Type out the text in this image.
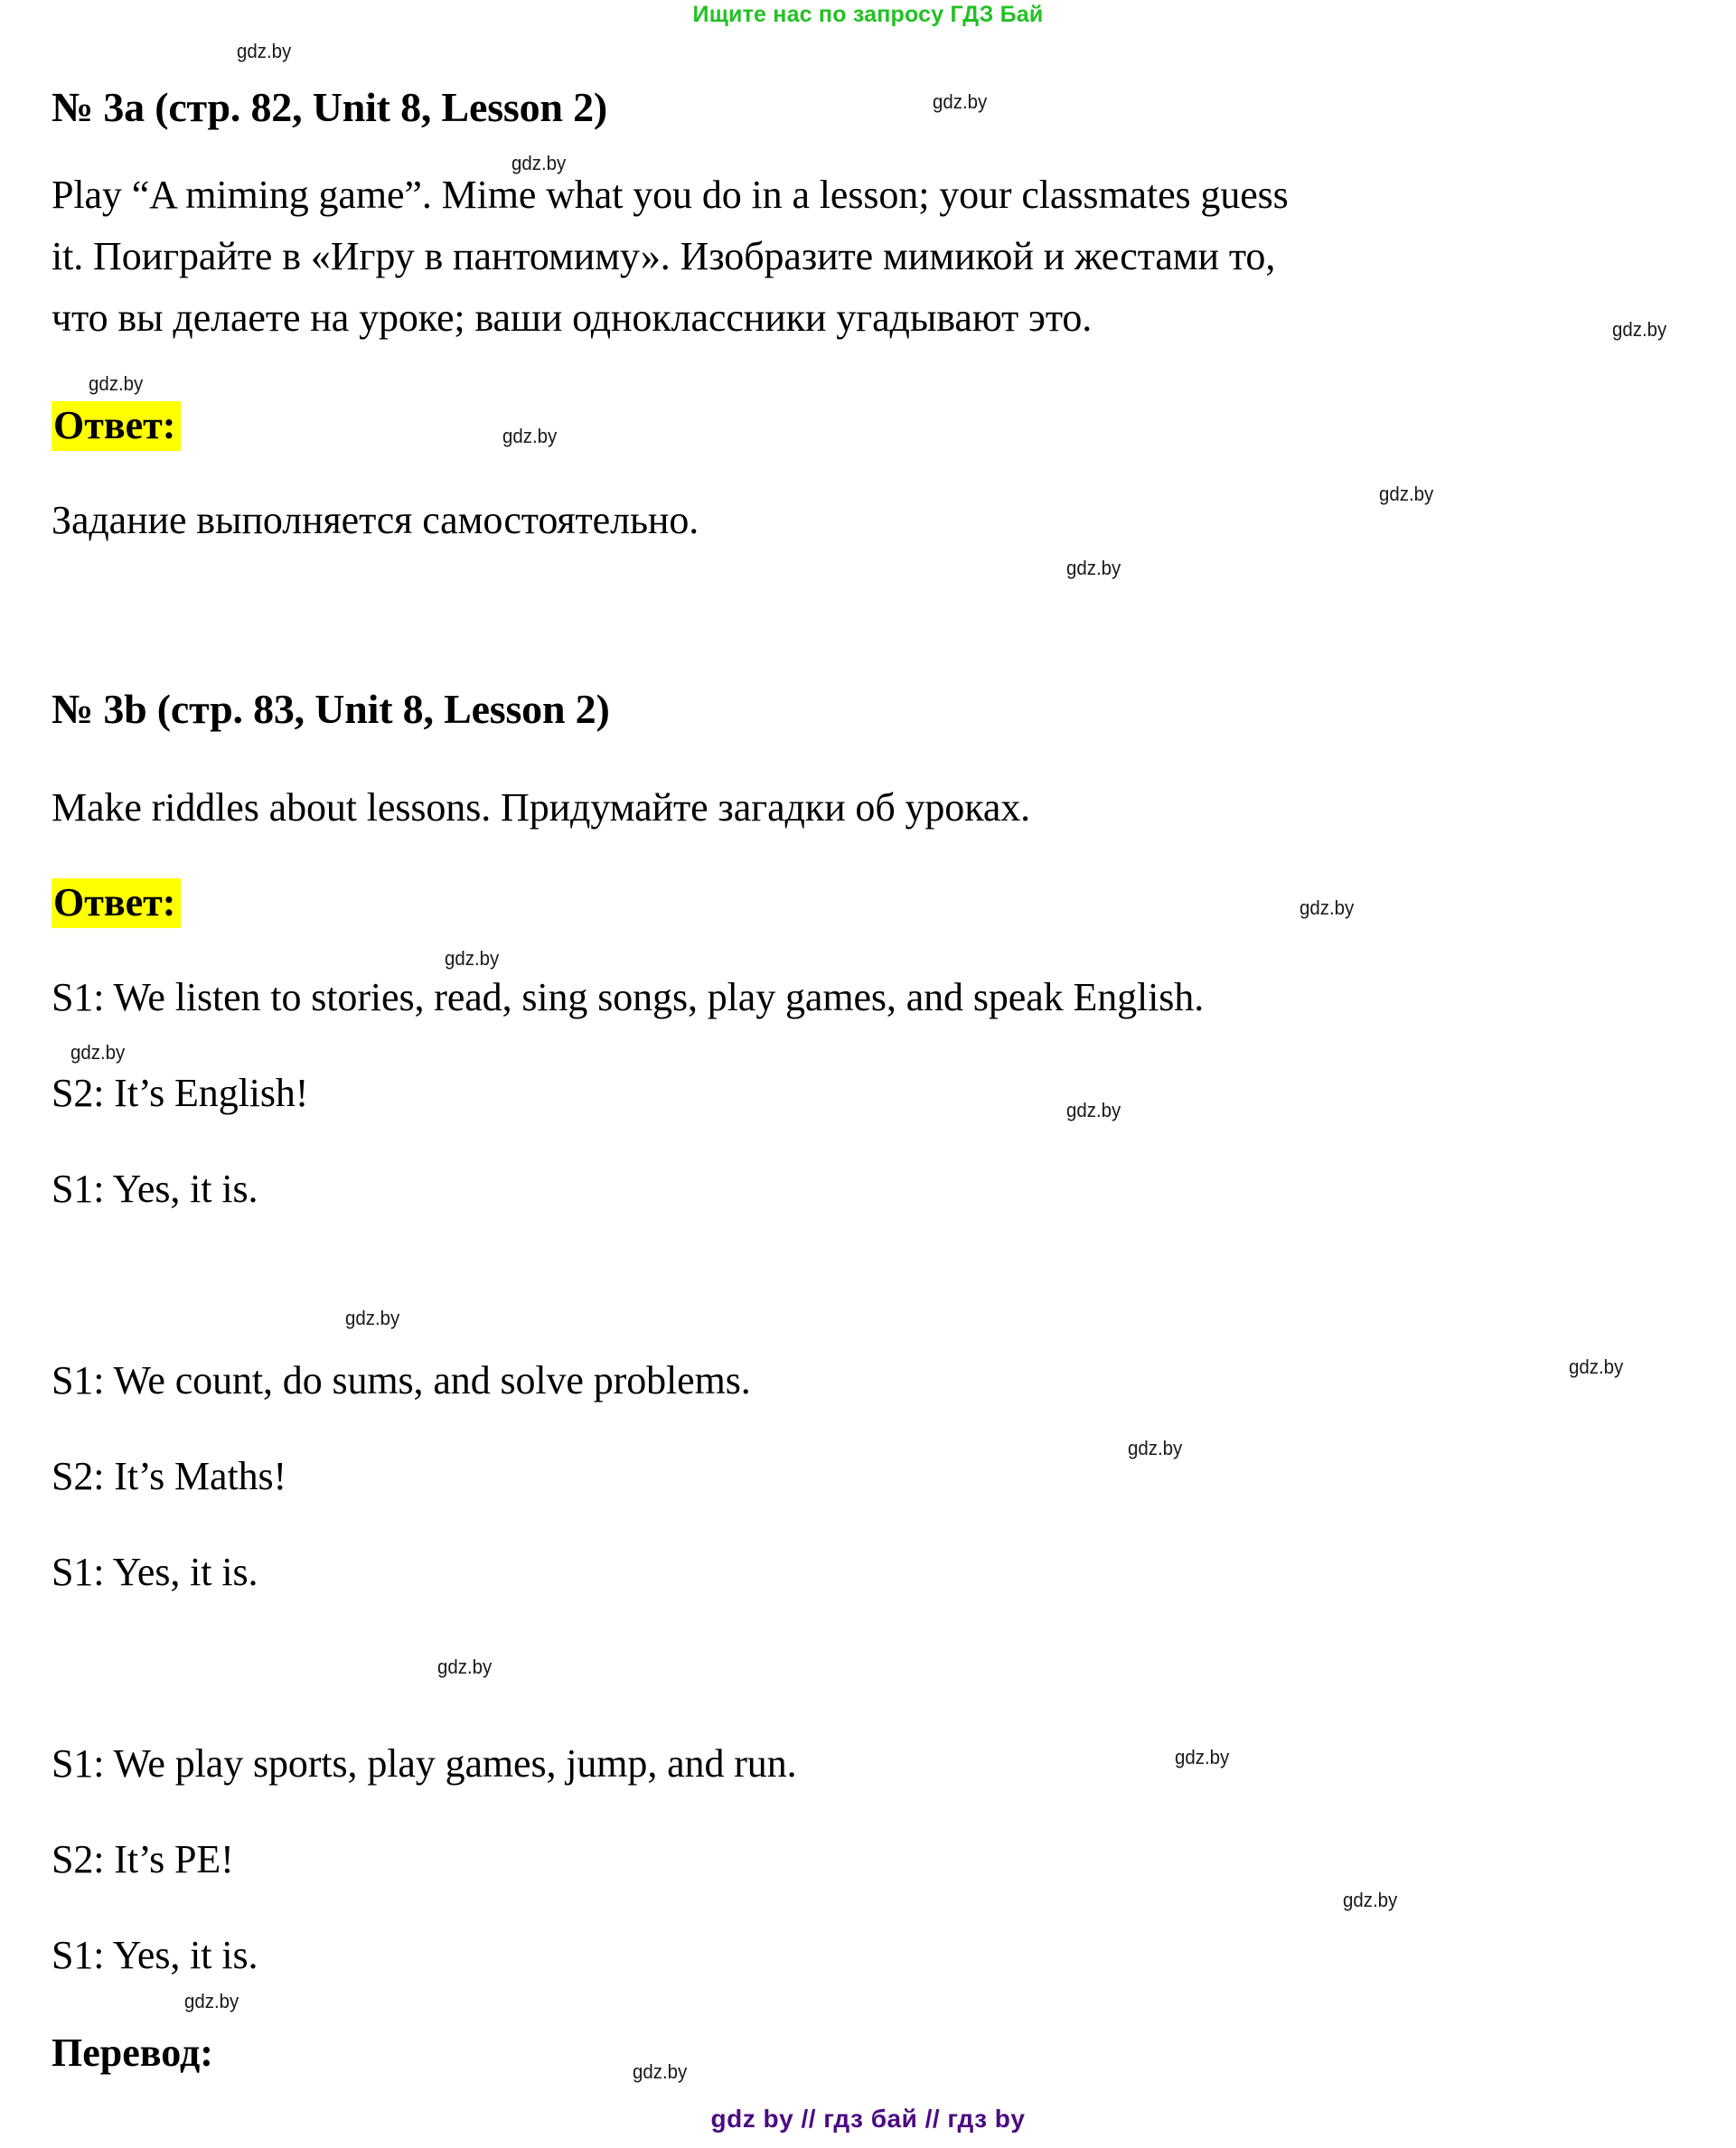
Ищите нас по запросу ГДЗ Бай
gdz.by
gdz.by
gdz.by
gdz.by
gdz.by
gdz.by
gdz.by
gdz.by
gdz.by
gdz.by
gdz.by
gdz.by
gdz.by
gdz.by
gdz.by
gdz.by
gdz.by
gdz.by
gdz.by
gdz.by
№ 3a (стр. 82, Unit 8, Lesson 2)
Play “A miming game”. Mime what you do in a lesson; your classmates guess
it. Поиграйте в «Игру в пантомиму». Изобразите мимикой и жестами то,
что вы делаете на уроке; ваши одноклассники угадывают это.
Ответ:
Задание выполняется самостоятельно.
№ 3b (стр. 83, Unit 8, Lesson 2)
Make riddles about lessons. Придумайте загадки об уроках.
Ответ:
S1: We listen to stories, read, sing songs, play games, and speak English.
S2: It’s English!
S1: Yes, it is.
S1: We count, do sums, and solve problems.
S2: It’s Maths!
S1: Yes, it is.
S1: We play sports, play games, jump, and run.
S2: It’s PE!
S1: Yes, it is.
Перевод:
gdz by // гдз бай // гдз by
